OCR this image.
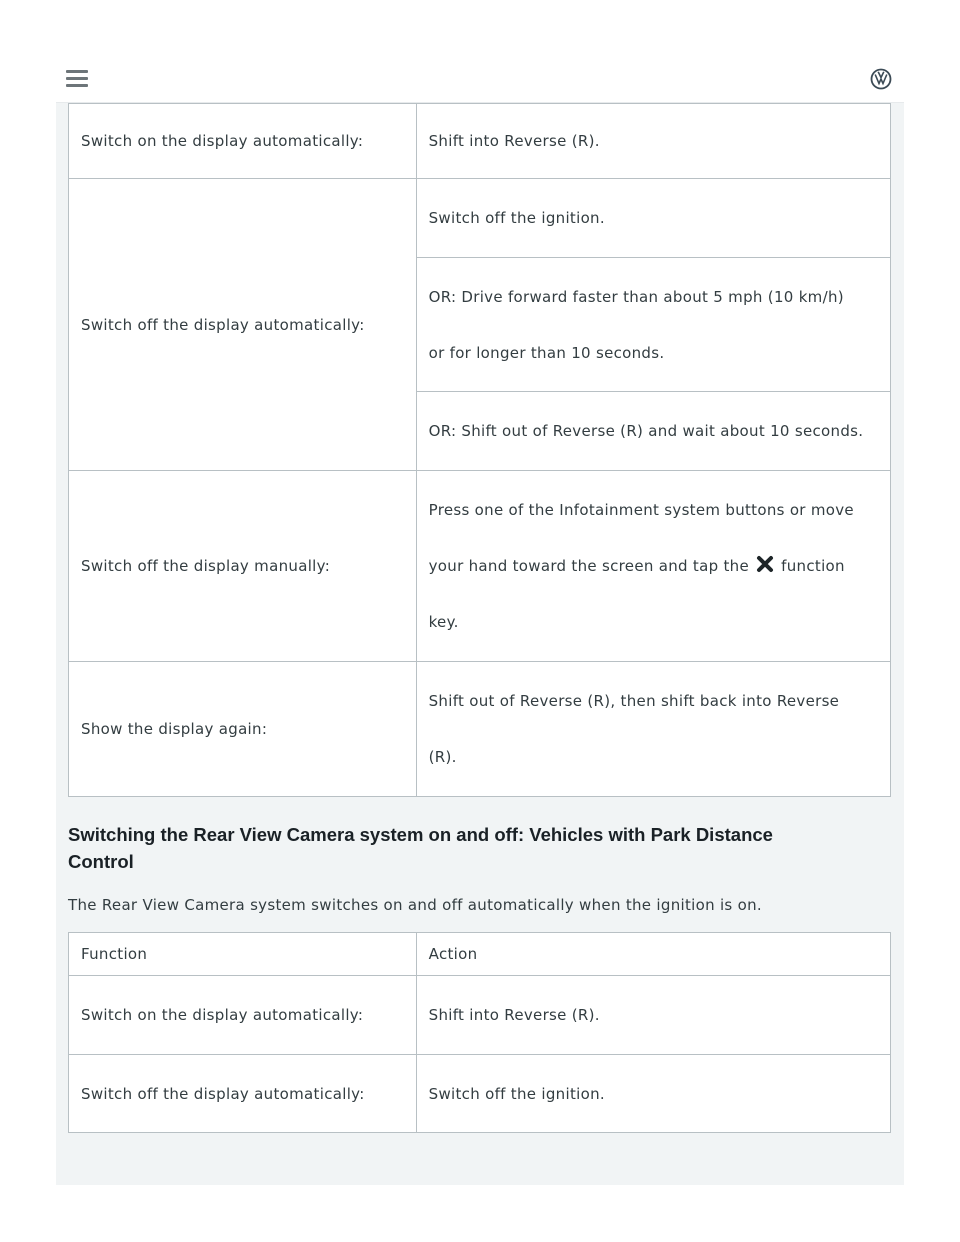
Switch on the display automatically:	Shift into Reverse (R).
Switch off the display automatically:	Switch off the ignition.

	OR: Drive forward faster than about 5 mph (10 km/h)
or for longer than 10 seconds.

	OR: Shift out of Reverse (R) and wait about 10 seconds.
Switch off the display manually:	Press one of the Infotainment system buttons or move
your hand toward the screen and tap the function
key.

Show the display again:	Shift out of Reverse (R), then shift back into Reverse
(R).
Switching the Rear View Camera system on and off: Vehicles with Park Distance
Control
The Rear View Camera system switches on and off automatically when the ignition is on.
Function	Action
Switch on the display automatically:	Shift into Reverse (R).
Switch off the display automatically:	Switch off the ignition.
